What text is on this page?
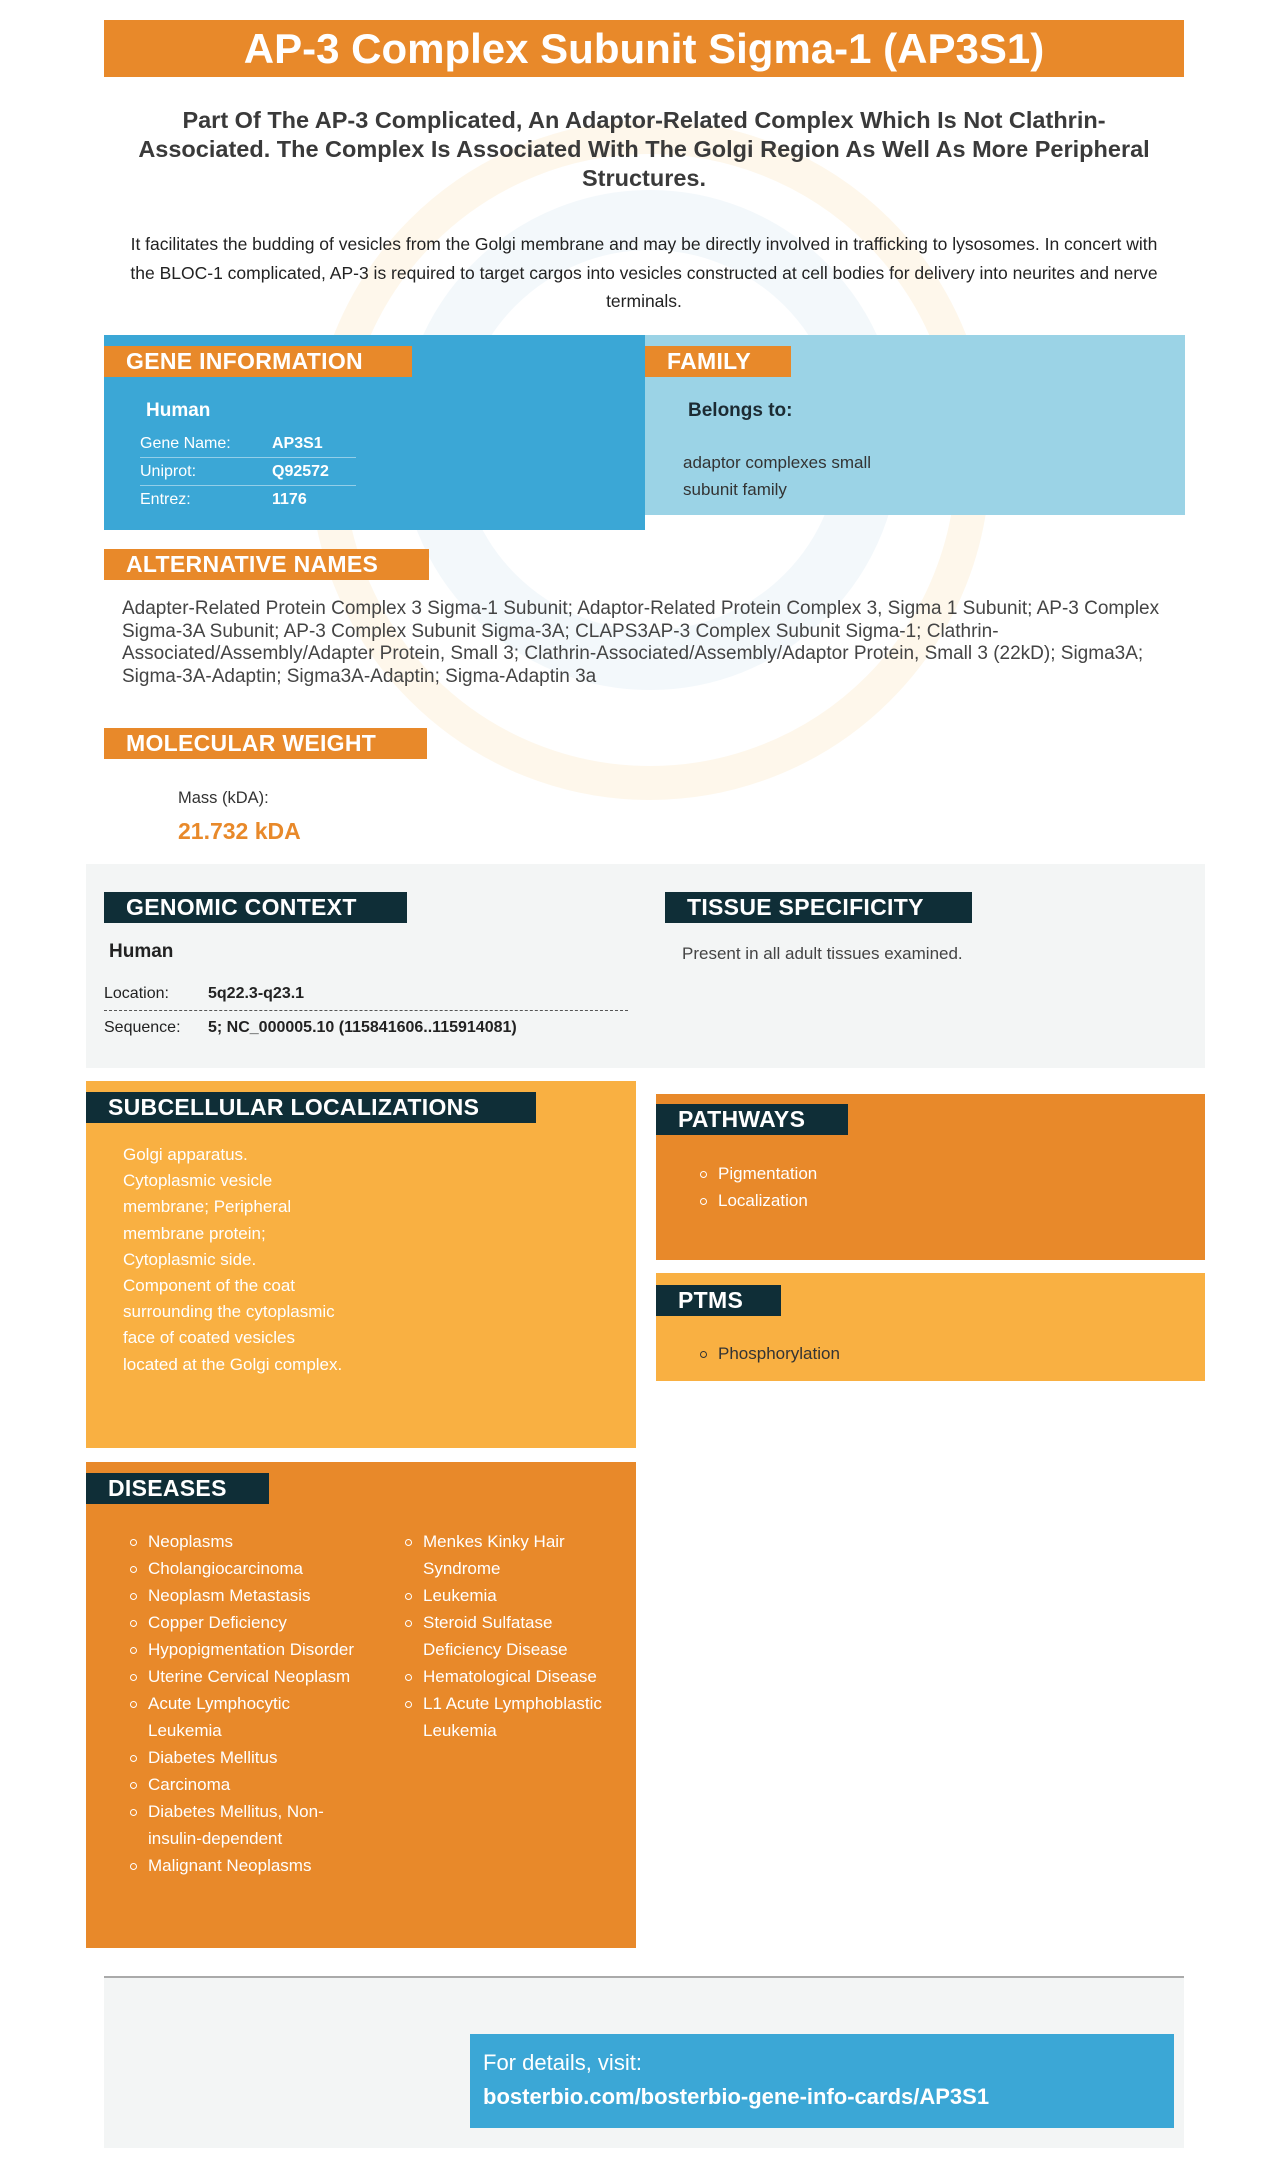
AP-3 Complex Subunit Sigma-1 (AP3S1)
Part Of The AP-3 Complicated, An Adaptor-Related Complex Which Is Not Clathrin-Associated. The Complex Is Associated With The Golgi Region As Well As More Peripheral Structures.
It facilitates the budding of vesicles from the Golgi membrane and may be directly involved in trafficking to lysosomes. In concert with the BLOC-1 complicated, AP-3 is required to target cargos into vesicles constructed at cell bodies for delivery into neurites and nerve terminals.
GENE INFORMATION
Human
Gene Name:	AP3S1
Uniprot:	Q92572
Entrez:	1176
FAMILY
Belongs to:
adaptor complexes small subunit family
ALTERNATIVE NAMES
Adapter-Related Protein Complex 3 Sigma-1 Subunit; Adaptor-Related Protein Complex 3, Sigma 1 Subunit; AP-3 Complex Sigma-3A Subunit; AP-3 Complex Subunit Sigma-3A; CLAPS3AP-3 Complex Subunit Sigma-1; Clathrin-Associated/Assembly/Adapter Protein, Small 3; Clathrin-Associated/Assembly/Adaptor Protein, Small 3 (22kD); Sigma3A; Sigma-3A-Adaptin; Sigma3A-Adaptin; Sigma-Adaptin 3a
MOLECULAR WEIGHT
Mass (kDA):
21.732 kDA
GENOMIC CONTEXT
Human
Location:	5q22.3-q23.1
Sequence:	5; NC_000005.10 (115841606..115914081)
TISSUE SPECIFICITY
Present in all adult tissues examined.
SUBCELLULAR LOCALIZATIONS
Golgi apparatus. Cytoplasmic vesicle membrane; Peripheral membrane protein; Cytoplasmic side. Component of the coat surrounding the cytoplasmic face of coated vesicles located at the Golgi complex.
PATHWAYS
Pigmentation
Localization
PTMS
Phosphorylation
DISEASES
Neoplasms
Cholangiocarcinoma
Neoplasm Metastasis
Copper Deficiency
Hypopigmentation Disorder
Uterine Cervical Neoplasm
Acute Lymphocytic Leukemia
Diabetes Mellitus
Carcinoma
Diabetes Mellitus, Non-insulin-dependent
Malignant Neoplasms
Menkes Kinky Hair Syndrome
Leukemia
Steroid Sulfatase Deficiency Disease
Hematological Disease
L1 Acute Lymphoblastic Leukemia
For details, visit:
bosterbio.com/bosterbio-gene-info-cards/AP3S1
